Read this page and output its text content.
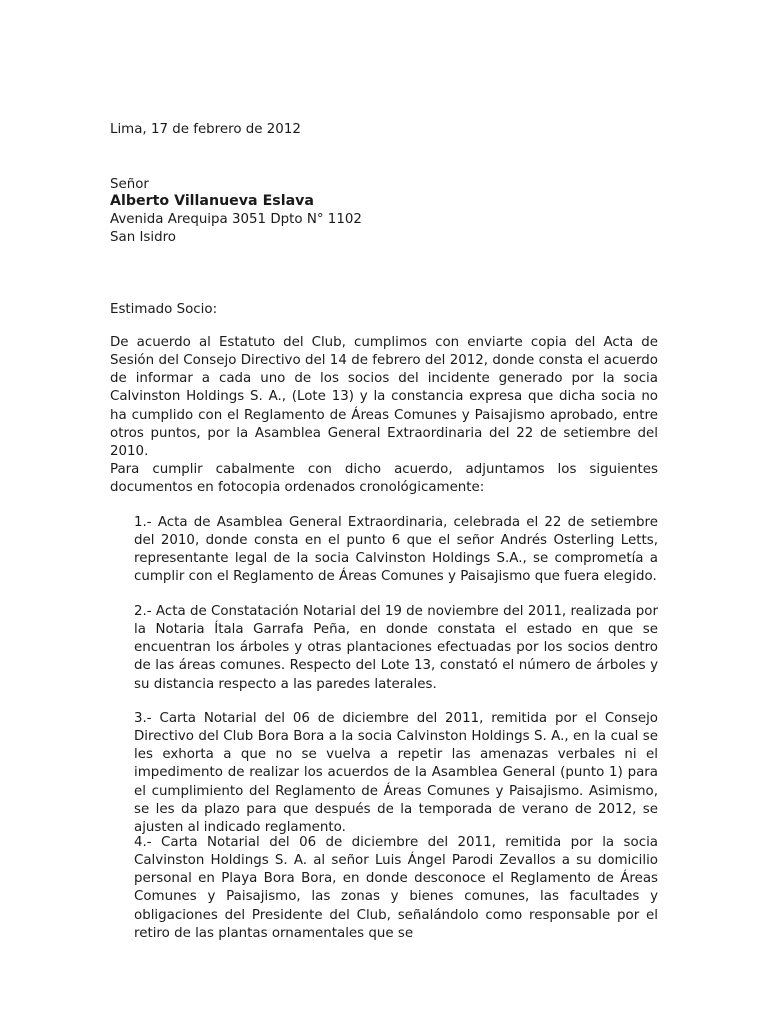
Lima, 17 de febrero de 2012
Señor
Alberto Villanueva Eslava
Avenida Arequipa 3051 Dpto N° 1102
San Isidro
Estimado Socio:
De acuerdo al Estatuto del Club, cumplimos con enviarte copia del Acta de Sesión del Consejo Directivo del 14 de febrero del 2012, donde consta el acuerdo de informar a cada uno de los socios del incidente generado por la socia Calvinston Holdings S. A., (Lote 13) y la constancia expresa que dicha socia no ha cumplido con el Reglamento de Áreas Comunes y Paisajismo aprobado, entre otros puntos, por la Asamblea General Extraordinaria del 22 de setiembre del 2010.
Para cumplir cabalmente con dicho acuerdo, adjuntamos los siguientes documentos en fotocopia ordenados cronológicamente:
1.- Acta de Asamblea General Extraordinaria, celebrada el 22 de setiembre del 2010, donde consta en el punto 6 que el señor Andrés Osterling Letts, representante legal de la socia Calvinston Holdings S.A., se comprometía a cumplir con el Reglamento de Áreas Comunes y Paisajismo que fuera elegido.
2.- Acta de Constatación Notarial del 19 de noviembre del 2011, realizada por la Notaria Ítala Garrafa Peña, en donde constata el estado en que se encuentran los árboles y otras plantaciones efectuadas por los socios dentro de las áreas comunes. Respecto del Lote 13, constató el número de árboles y su distancia respecto a las paredes laterales.
3.- Carta Notarial del 06 de diciembre del 2011, remitida por el Consejo Directivo del Club Bora Bora a la socia Calvinston Holdings S. A., en la cual se les exhorta a que no se vuelva a repetir las amenazas verbales ni el impedimento de realizar los acuerdos de la Asamblea General (punto 1) para el cumplimiento del Reglamento de Áreas Comunes y Paisajismo. Asimismo, se les da plazo para que después de la temporada de verano de 2012, se ajusten al indicado reglamento.
4.- Carta Notarial del 06 de diciembre del 2011, remitida por la socia Calvinston Holdings S. A. al señor Luis Ángel Parodi Zevallos a su domicilio personal en Playa Bora Bora, en donde desconoce el Reglamento de Áreas Comunes y Paisajismo, las zonas y bienes comunes, las facultades y obligaciones del Presidente del Club, señalándolo como responsable por el retiro de las plantas ornamentales que se
